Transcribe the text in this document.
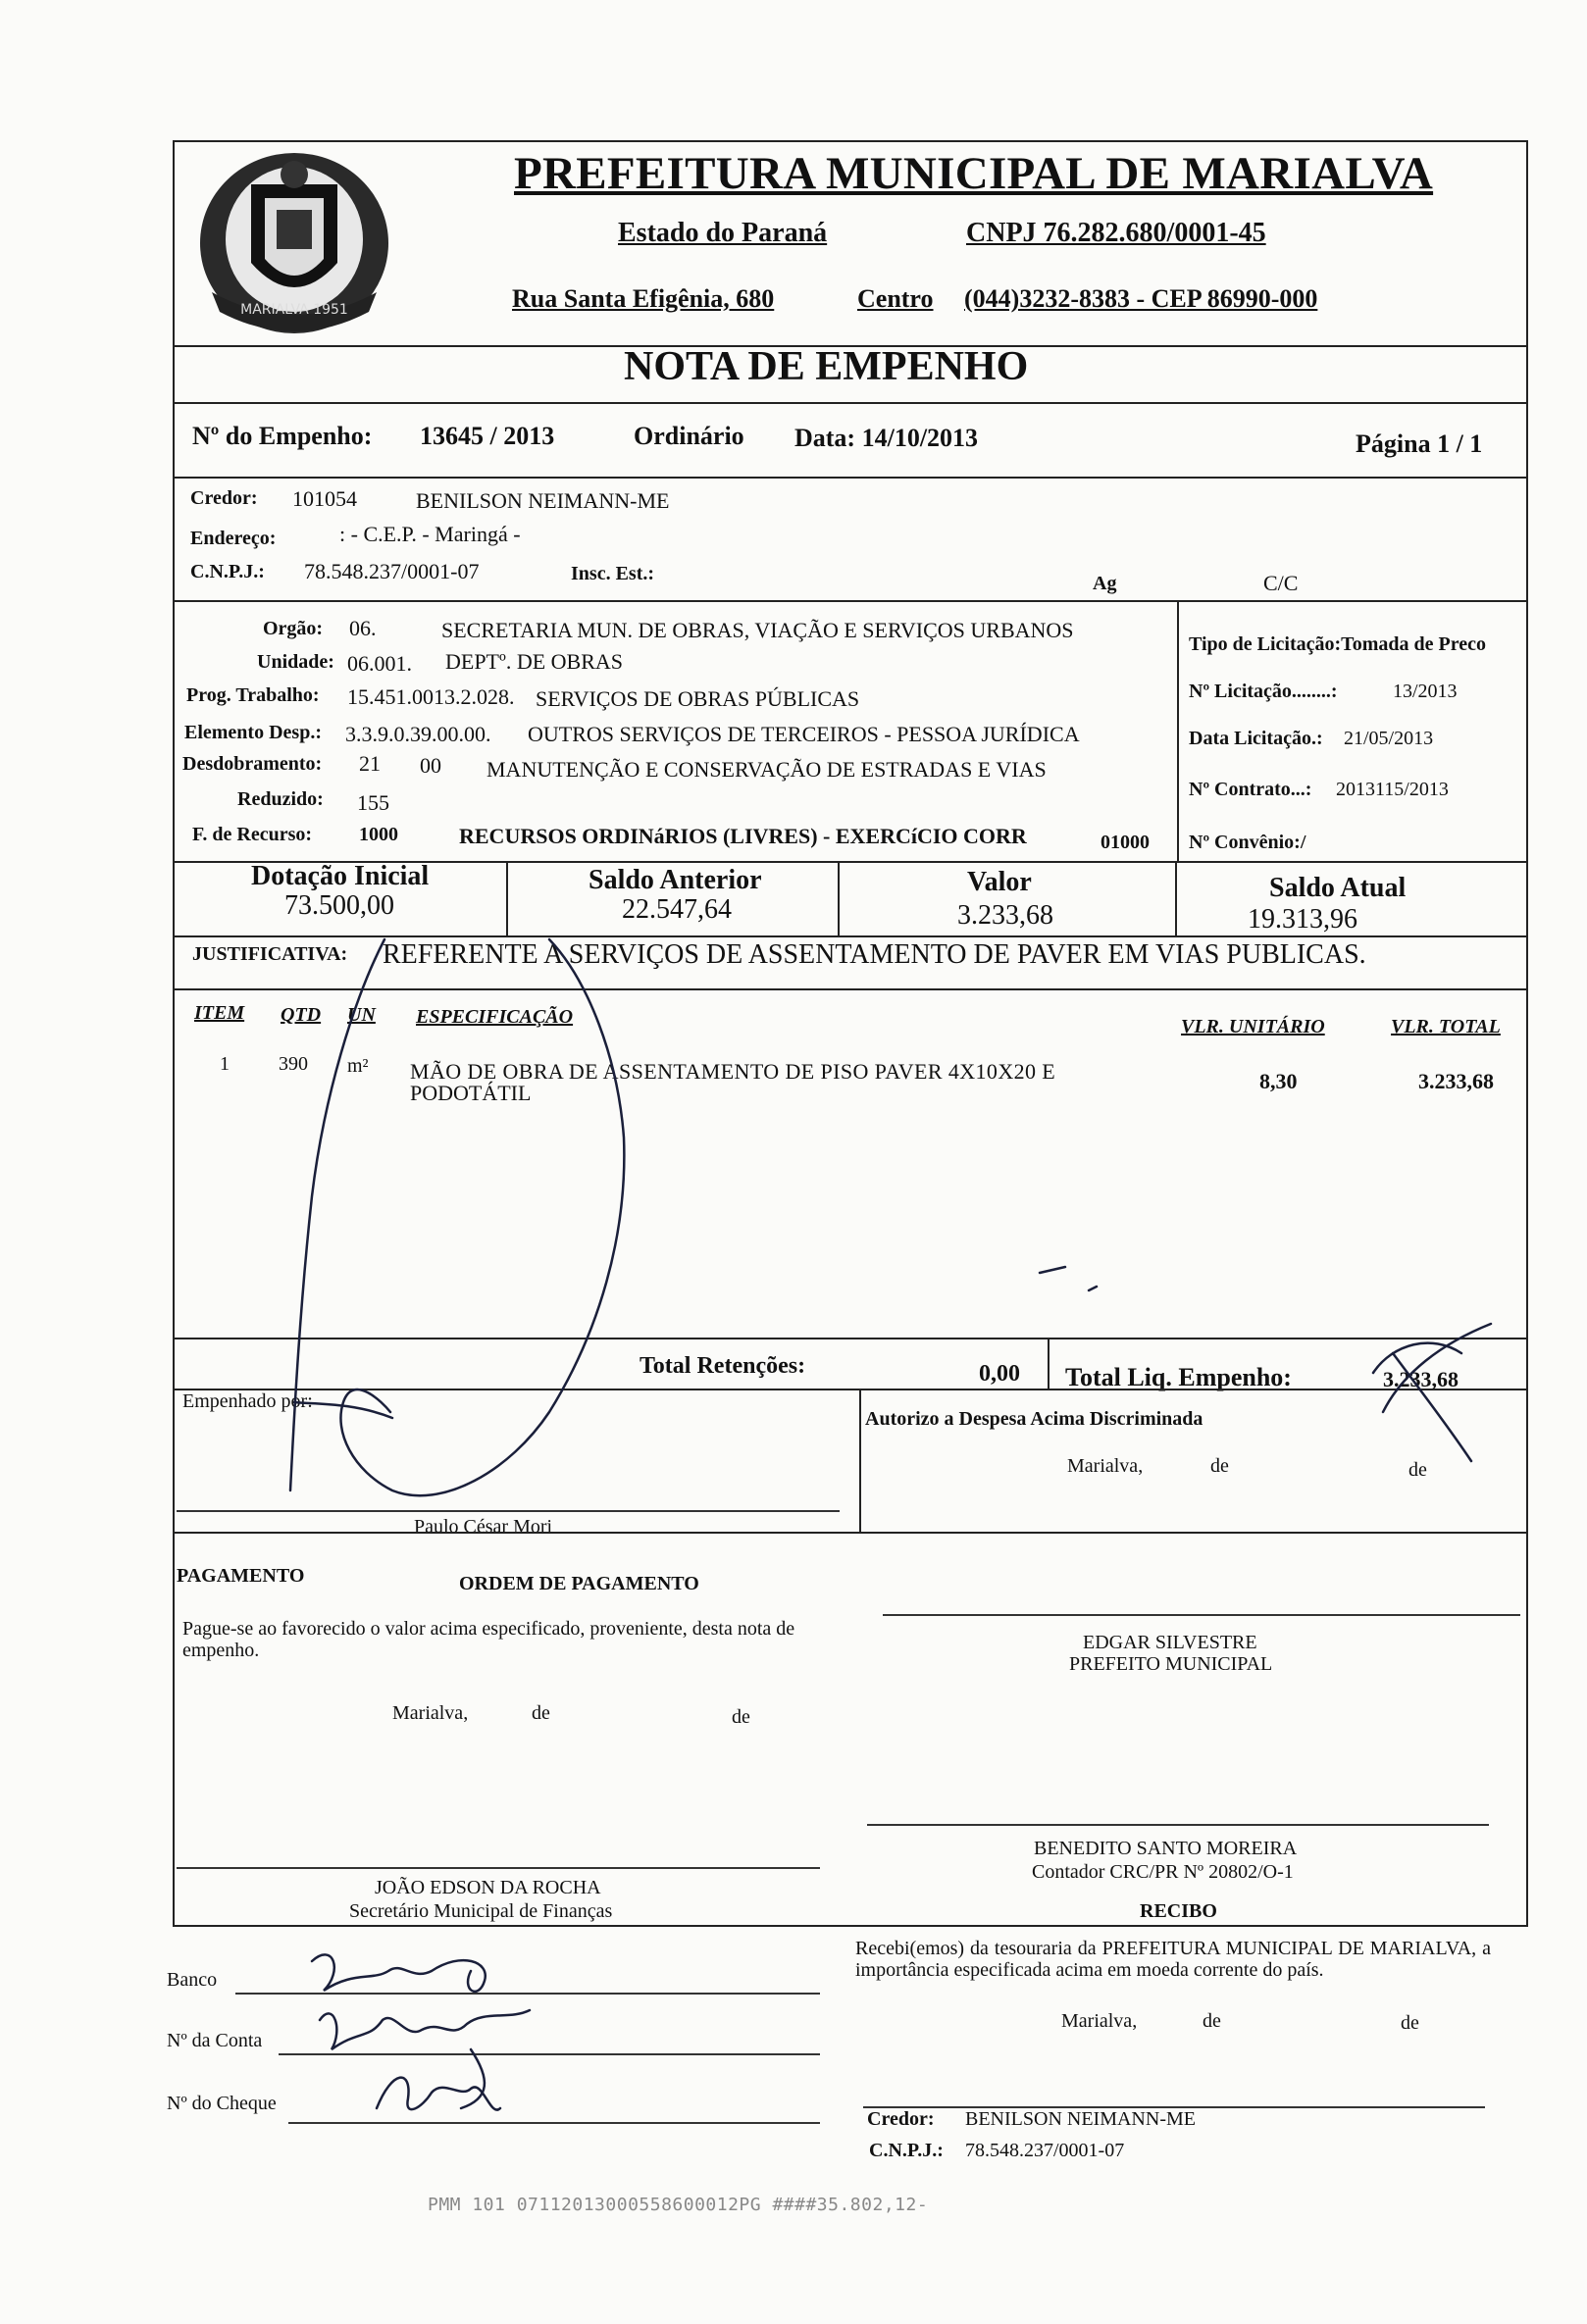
MARIALVA 1951
PREFEITURA MUNICIPAL DE MARIALVA
Estado do Paraná	CNPJ 76.282.680/0001-45
Rua Santa Efigênia, 680	Centro (044)3232-8383 - CEP 86990-000
NOTA DE EMPENHO
Nº do Empenho: 13645 / 2013	Ordinário Data: 14/10/2013	Página 1 / 1
Credor: 101054	BENILSON NEIMANN-ME
Endereço:	: - C.E.P. - Maringá -
C.N.P.J.: 78.548.237/0001-07	Insc. Est.:	Ag	C/C
Orgão: 06.	SECRETARIA MUN. DE OBRAS, VIAÇÃO E SERVIÇOS URBANOS
Unidade: 06.001. DEPTº. DE OBRAS
Prog. Trabalho: 15.451.0013.2.028. SERVIÇOS DE OBRAS PÚBLICAS
Elemento Desp.: 3.3.9.0.39.00.00. OUTROS SERVIÇOS DE TERCEIROS - PESSOA JURÍDICA
Desdobramento: 21 00 MANUTENÇÃO E CONSERVAÇÃO DE ESTRADAS E VIAS
Reduzido: 155
F. de Recurso: 1000	RECURSOS ORDINáRIOS (LIVRES) - EXERCíCIO CORR	01000
Tipo de Licitação:Tomada de Preco
Nº Licitação........:	13/2013
Data Licitação.: 21/05/2013
Nº Contrato...: 2013115/2013
Nº Convênio:/
Dotação Inicial
73.500,00
Saldo Anterior
22.547,64
Valor
3.233,68
Saldo Atual
19.313,96
JUSTIFICATIVA: REFERENTE A SERVIÇOS DE ASSENTAMENTO DE PAVER EM VIAS PUBLICAS.
ITEM QTD UN ESPECIFICAÇÃO	VLR. UNITÁRIO	VLR. TOTAL
1	390 m² MÃO DE OBRA DE ASSENTAMENTO DE PISO PAVER 4X10X20 E
PODOTÁTIL	8,30	3.233,68
Total Retenções:	0,00 Total Liq. Empenho:	3.233,68
Empenhado por:
Paulo César Mori
Autorizo a Despesa Acima Discriminada
Marialva,	de	de
PAGAMENTO	ORDEM DE PAGAMENTO
Pague-se ao favorecido o valor acima especificado, proveniente, desta nota de empenho.
Marialva,	de	de
EDGAR SILVESTRE
PREFEITO MUNICIPAL
BENEDITO SANTO MOREIRA
Contador CRC/PR Nº 20802/O-1
JOÃO EDSON DA ROCHA
Secretário Municipal de Finanças	RECIBO
Recebi(emos) da tesouraria da PREFEITURA MUNICIPAL DE MARIALVA, a importância especificada acima em moeda corrente do país.
Marialva,	de	de
Banco
Nº da Conta
Nº do Cheque
Credor: BENILSON NEIMANN-ME
C.N.P.J.: 78.548.237/0001-07
PMM 101 07112013000558600012PG ####35.802,12-
